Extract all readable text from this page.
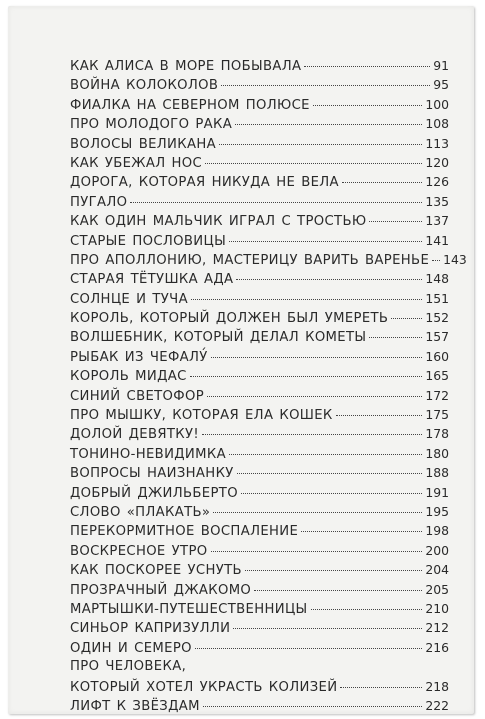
КАК АЛИСА В МОРЕ ПОБЫВАЛА	91
ВОЙНА КОЛОКОЛОВ	95
ФИАЛКА НА СЕВЕРНОМ ПОЛЮСЕ	100
ПРО МОЛОДОГО РАКА	108
ВОЛОСЫ ВЕЛИКАНА	113
КАК УБЕЖАЛ НОС	120
ДОРОГА, КОТОРАЯ НИКУДА НЕ ВЕЛА	126
ПУГАЛО	135
КАК ОДИН МАЛЬЧИК ИГРАЛ С ТРОСТЬЮ	137
СТАРЫЕ ПОСЛОВИЦЫ	141
ПРО АПОЛЛОНИЮ, МАСТЕРИЦУ ВАРИТЬ ВАРЕНЬЕ 143
СТАРАЯ ТЁТУШКА АДА	148
СОЛНЦЕ И ТУЧА	151
КОРОЛЬ, КОТОРЫЙ ДОЛЖЕН БЫЛ УМЕРЕТЬ	152
ВОЛШЕБНИК, КОТОРЫЙ ДЕЛАЛ КОМЕТЫ	157
РЫБАК ИЗ ЧЕФАЛУ́	160
КОРОЛЬ МИДАС	165
СИНИЙ СВЕТОФОР	172
ПРО МЫШКУ, КОТОРАЯ ЕЛА КОШЕК	175
ДОЛОЙ ДЕВЯТКУ!	178
ТОНИНО-НЕВИДИМКА	180
ВОПРОСЫ НАИЗНАНКУ	188
ДОБРЫЙ ДЖИЛЬБЕРТО	191
СЛОВО «ПЛАКАТЬ»	195
ПЕРЕКОРМИТНОЕ ВОСПАЛЕНИЕ	198
ВОСКРЕСНОЕ УТРО	200
КАК ПОСКОРЕЕ УСНУТЬ	204
ПРОЗРАЧНЫЙ ДЖАКОМО	205
МАРТЫШКИ-ПУТЕШЕСТВЕННИЦЫ	210
СИНЬОР КАПРИЗУЛЛИ	212
ОДИН И СЕМЕРО	216
ПРО ЧЕЛОВЕКА,
КОТОРЫЙ ХОТЕЛ УКРАСТЬ КОЛИЗЕЙ	218
ЛИФТ К ЗВЁЗДАМ	222
